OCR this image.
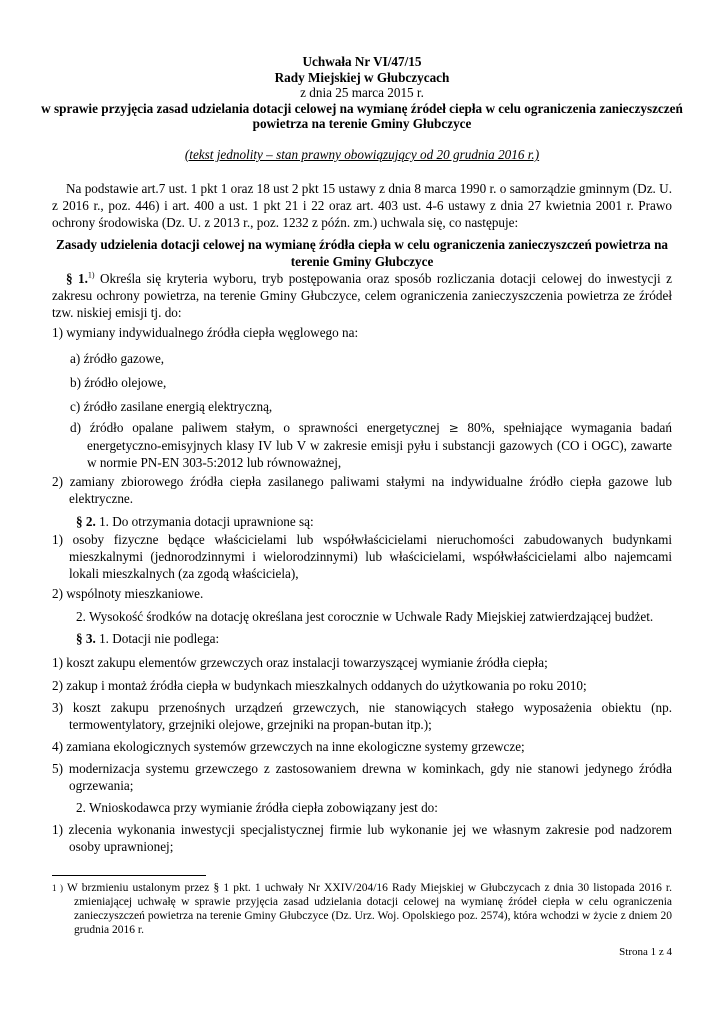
Uchwała Nr VI/47/15
Rady Miejskiej w Głubczycach
z dnia 25 marca 2015 r.
w sprawie przyjęcia zasad udzielania dotacji celowej na wymianę źródeł ciepła w celu ograniczenia zanieczyszczeń powietrza na terenie Gminy Głubczyce
(tekst jednolity – stan prawny obowiązujący od 20 grudnia 2016 r.)
Na podstawie art.7 ust. 1 pkt 1 oraz 18 ust 2 pkt 15 ustawy z dnia 8 marca 1990 r. o samorządzie gminnym (Dz. U. z 2016 r., poz. 446) i art. 400 a ust. 1 pkt 21 i 22 oraz art. 403 ust. 4-6 ustawy z dnia 27 kwietnia 2001 r. Prawo ochrony środowiska (Dz. U. z 2013 r., poz. 1232 z późn. zm.) uchwala się, co następuje:
Zasady udzielenia dotacji celowej na wymianę źródła ciepła w celu ograniczenia zanieczyszczeń powietrza na terenie Gminy Głubczyce
§ 1.$^{1)}$ Określa się kryteria wyboru, tryb postępowania oraz sposób rozliczania dotacji celowej do inwestycji z zakresu ochrony powietrza, na terenie Gminy Głubczyce, celem ograniczenia zanieczyszczenia powietrza ze źródeł tzw. niskiej emisji tj. do:
1) wymiany indywidualnego źródła ciepła węglowego na:
a) źródło gazowe,
b) źródło olejowe,
c) źródło zasilane energią elektryczną,
d) źródło opalane paliwem stałym, o sprawności energetycznej ≥ 80%, spełniające wymagania badań energetyczno-emisyjnych klasy IV lub V w zakresie emisji pyłu i substancji gazowych (CO i OGC), zawarte w normie PN-EN 303-5:2012 lub równoważnej,
2) zamiany zbiorowego źródła ciepła zasilanego paliwami stałymi na indywidualne źródło ciepła gazowe lub elektryczne.
§ 2. 1. Do otrzymania dotacji uprawnione są:
1) osoby fizyczne będące właścicielami lub współwłaścicielami nieruchomości zabudowanych budynkami mieszkalnymi (jednorodzinnymi i wielorodzinnymi) lub właścicielami, współwłaścicielami albo najemcami lokali mieszkalnych (za zgodą właściciela),
2) wspólnoty mieszkaniowe.
2. Wysokość środków na dotację określana jest corocznie w Uchwale Rady Miejskiej zatwierdzającej budżet.
§ 3. 1. Dotacji nie podlega:
1) koszt zakupu elementów grzewczych oraz instalacji towarzyszącej wymianie źródła ciepła;
2) zakup i montaż źródła ciepła w budynkach mieszkalnych oddanych do użytkowania po roku 2010;
3) koszt zakupu przenośnych urządzeń grzewczych, nie stanowiących stałego wyposażenia obiektu (np. termowentylatory, grzejniki olejowe, grzejniki na propan-butan itp.);
4) zamiana ekologicznych systemów grzewczych na inne ekologiczne systemy grzewcze;
5) modernizacja systemu grzewczego z zastosowaniem drewna w kominkach, gdy nie stanowi jedynego źródła ogrzewania;
2. Wnioskodawca przy wymianie źródła ciepła zobowiązany jest do:
1) zlecenia wykonania inwestycji specjalistycznej firmie lub wykonanie jej we własnym zakresie pod nadzorem osoby uprawnionej;
1 ) W brzmieniu ustalonym przez § 1 pkt. 1 uchwały Nr XXIV/204/16 Rady Miejskiej w Głubczycach z dnia 30 listopada 2016 r. zmieniającej uchwałę w sprawie przyjęcia zasad udzielania dotacji celowej na wymianę źródeł ciepła w celu ograniczenia zanieczyszczeń powietrza na terenie Gminy Głubczyce (Dz. Urz. Woj. Opolskiego poz. 2574), która wchodzi w życie z dniem 20 grudnia 2016 r.
Strona 1 z 4
